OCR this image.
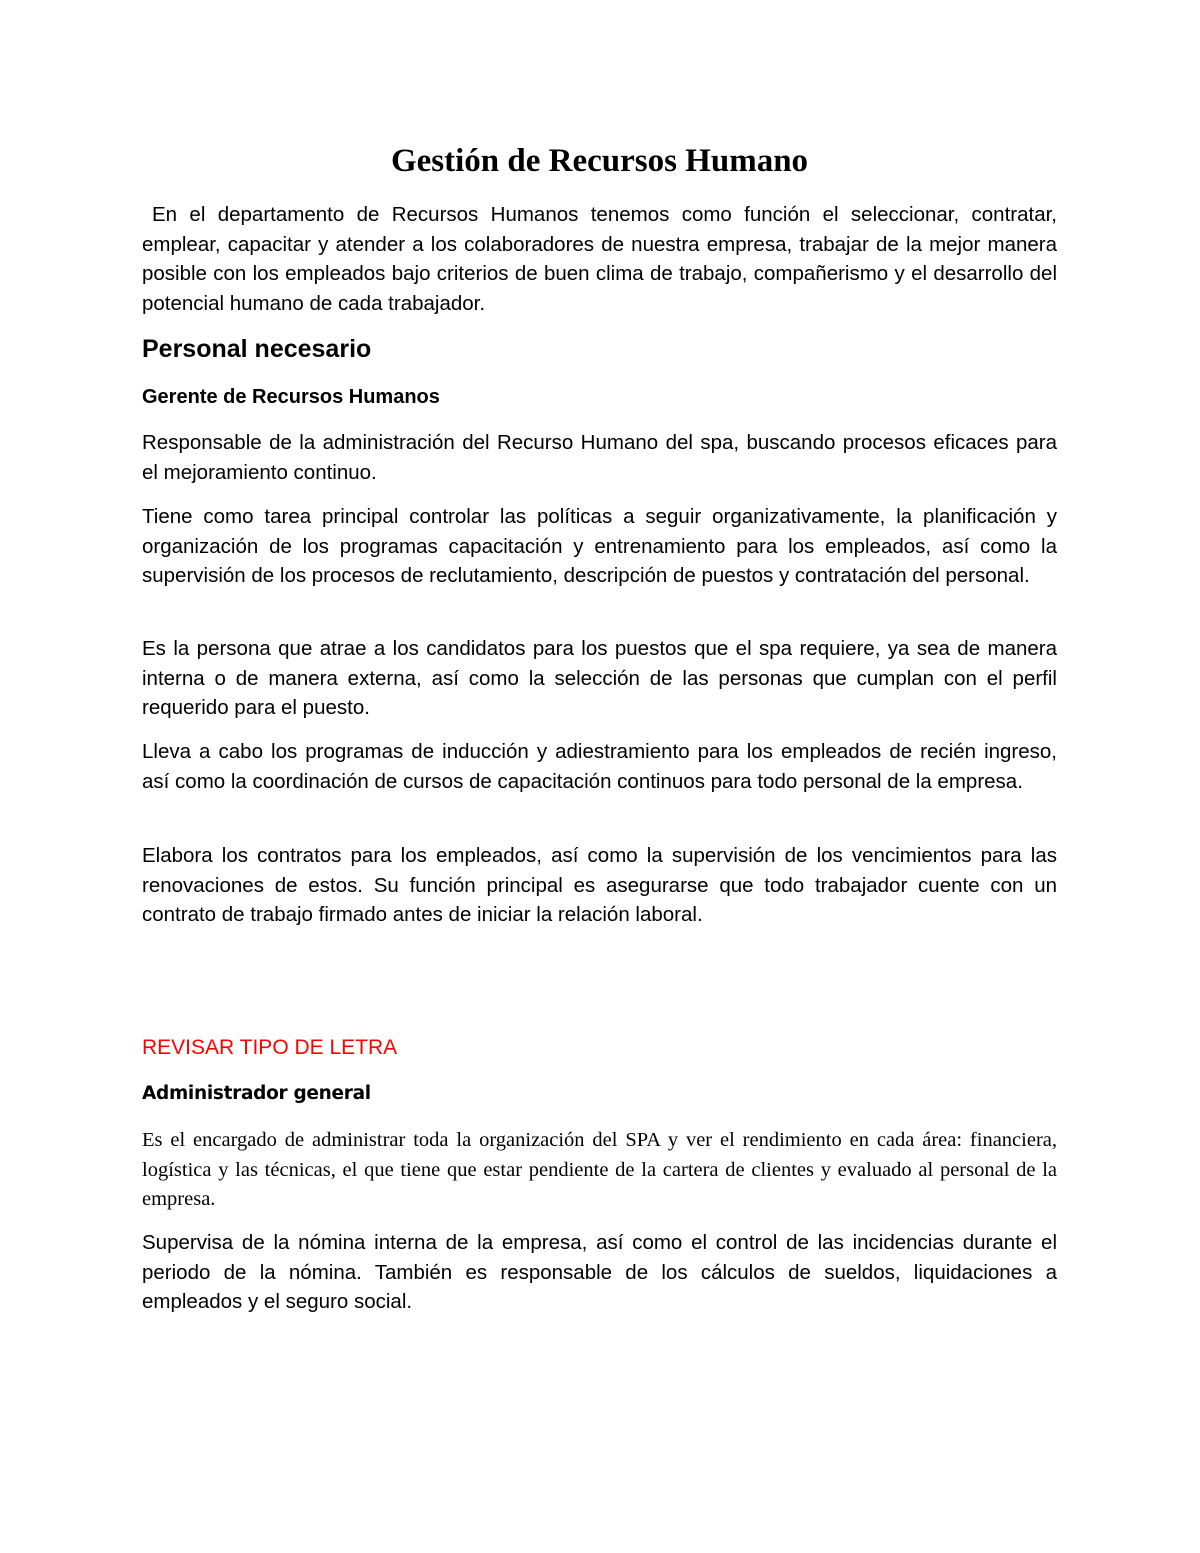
Gestión de Recursos Humano

En el departamento de Recursos Humanos tenemos como función el seleccionar, contratar, emplear, capacitar y atender a los colaboradores de nuestra empresa, trabajar de la mejor manera posible con los empleados bajo criterios de buen clima de trabajo, compañerismo y el desarrollo del potencial humano de cada trabajador.

Personal necesario
Gerente de Recursos Humanos

Responsable de la administración del Recurso Humano del spa, buscando procesos eficaces para el mejoramiento continuo.

Tiene como tarea principal controlar las políticas a seguir organizativamente, la planificación y organización de los programas capacitación y entrenamiento para los empleados, así como la supervisión de los procesos de reclutamiento, descripción de puestos y contratación del personal.

Es la persona que atrae a los candidatos para los puestos que el spa requiere, ya sea de manera interna o de manera externa, así como la selección de las personas que cumplan con el perfil requerido para el puesto.

Lleva a cabo los programas de inducción y adiestramiento para los empleados de recién ingreso, así como la coordinación de cursos de capacitación continuos para todo personal de la empresa.

Elabora los contratos para los empleados, así como la supervisión de los vencimientos para las renovaciones de estos. Su función principal es asegurarse que todo trabajador cuente con un contrato de trabajo firmado antes de iniciar la relación laboral.

REVISAR TIPO DE LETRA

Administrador general

Es el encargado de administrar toda la organización del SPA y ver el rendimiento en cada área: financiera, logística y las técnicas, el que tiene que estar pendiente de la cartera de clientes y evaluado al personal de la empresa.

Supervisa de la nómina interna de la empresa, así como el control de las incidencias durante el periodo de la nómina. También es responsable de los cálculos de sueldos, liquidaciones a empleados y el seguro social.
